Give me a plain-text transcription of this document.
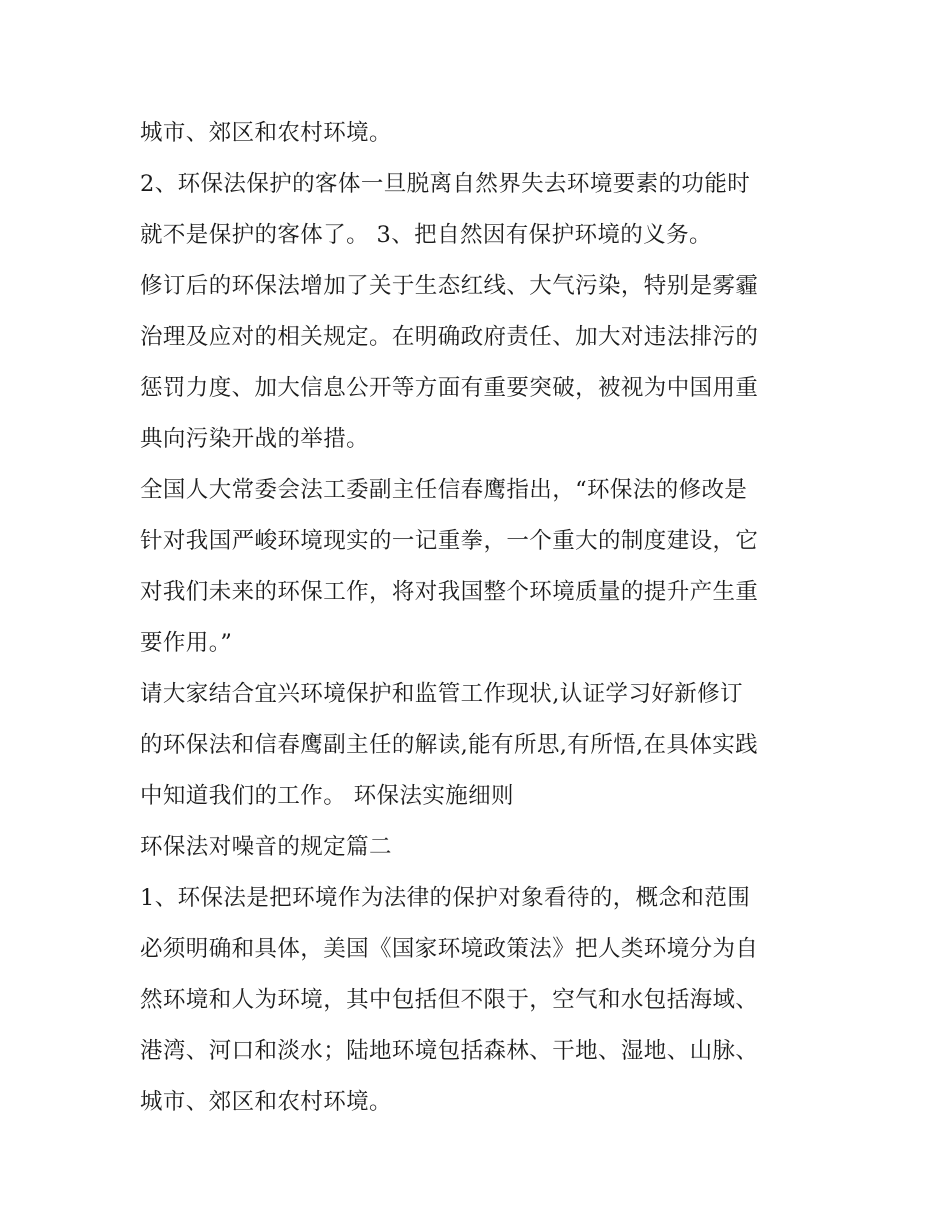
城市、郊区和农村环境。
2、环保法保护的客体一旦脱离自然界失去环境要素的功能时
就不是保护的客体了。 3、把自然因有保护环境的义务。
修订后的环保法增加了关于生态红线、大气污染，特别是雾霾
治理及应对的相关规定。在明确政府责任、加大对违法排污的
惩罚力度、加大信息公开等方面有重要突破，被视为中国用重
典向污染开战的举措。
全国人大常委会法工委副主任信春鹰指出，“环保法的修改是
针对我国严峻环境现实的一记重拳，一个重大的制度建设，它
对我们未来的环保工作，将对我国整个环境质量的提升产生重
要作用。”
请大家结合宜兴环境保护和监管工作现状,认证学习好新修订
的环保法和信春鹰副主任的解读,能有所思,有所悟,在具体实践
中知道我们的工作。 环保法实施细则
环保法对噪音的规定篇二
1、环保法是把环境作为法律的保护对象看待的，概念和范围
必须明确和具体，美国《国家环境政策法》把人类环境分为自
然环境和人为环境，其中包括但不限于，空气和水包括海域、
港湾、河口和淡水；陆地环境包括森林、干地、湿地、山脉、
城市、郊区和农村环境。
